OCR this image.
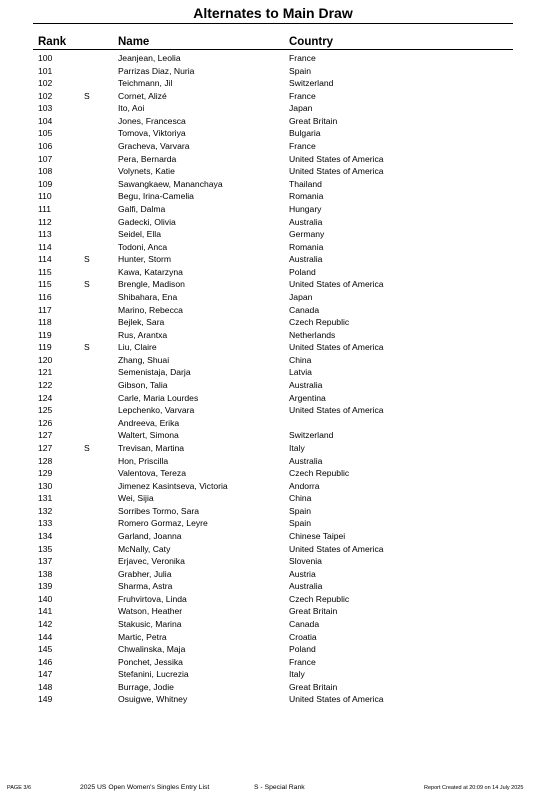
Alternates to Main Draw
Rank	Name	Country
100	Jeanjean, Leolia	France
101	Parrizas Diaz, Nuria	Spain
102	Teichmann, Jil	Switzerland
102	S	Cornet, Alizé	France
103	Ito, Aoi	Japan
104	Jones, Francesca	Great Britain
105	Tomova, Viktoriya	Bulgaria
106	Gracheva, Varvara	France
107	Pera, Bernarda	United States of America
108	Volynets, Katie	United States of America
109	Sawangkaew, Mananchaya	Thailand
110	Begu, Irina-Camelia	Romania
111	Galfi, Dalma	Hungary
112	Gadecki, Olivia	Australia
113	Seidel, Ella	Germany
114	Todoni, Anca	Romania
114	S	Hunter, Storm	Australia
115	Kawa, Katarzyna	Poland
115	S	Brengle, Madison	United States of America
116	Shibahara, Ena	Japan
117	Marino, Rebecca	Canada
118	Bejlek, Sara	Czech Republic
119	Rus, Arantxa	Netherlands
119	S	Liu, Claire	United States of America
120	Zhang, Shuai	China
121	Semenistaja, Darja	Latvia
122	Gibson, Talia	Australia
124	Carle, Maria Lourdes	Argentina
125	Lepchenko, Varvara	United States of America
126	Andreeva, Erika
127	Waltert, Simona	Switzerland
127	S	Trevisan, Martina	Italy
128	Hon, Priscilla	Australia
129	Valentova, Tereza	Czech Republic
130	Jimenez Kasintseva, Victoria	Andorra
131	Wei, Sijia	China
132	Sorribes Tormo, Sara	Spain
133	Romero Gormaz, Leyre	Spain
134	Garland, Joanna	Chinese Taipei
135	McNally, Caty	United States of America
137	Erjavec, Veronika	Slovenia
138	Grabher, Julia	Austria
139	Sharma, Astra	Australia
140	Fruhvirtova, Linda	Czech Republic
141	Watson, Heather	Great Britain
142	Stakusic, Marina	Canada
144	Martic, Petra	Croatia
145	Chwalinska, Maja	Poland
146	Ponchet, Jessika	France
147	Stefanini, Lucrezia	Italy
148	Burrage, Jodie	Great Britain
149	Osuigwe, Whitney	United States of America
PAGE 3/6	2025 US Open Women's Singles Entry List	S - Special Rank	Report Created at 20:09 on 14 July 2025
